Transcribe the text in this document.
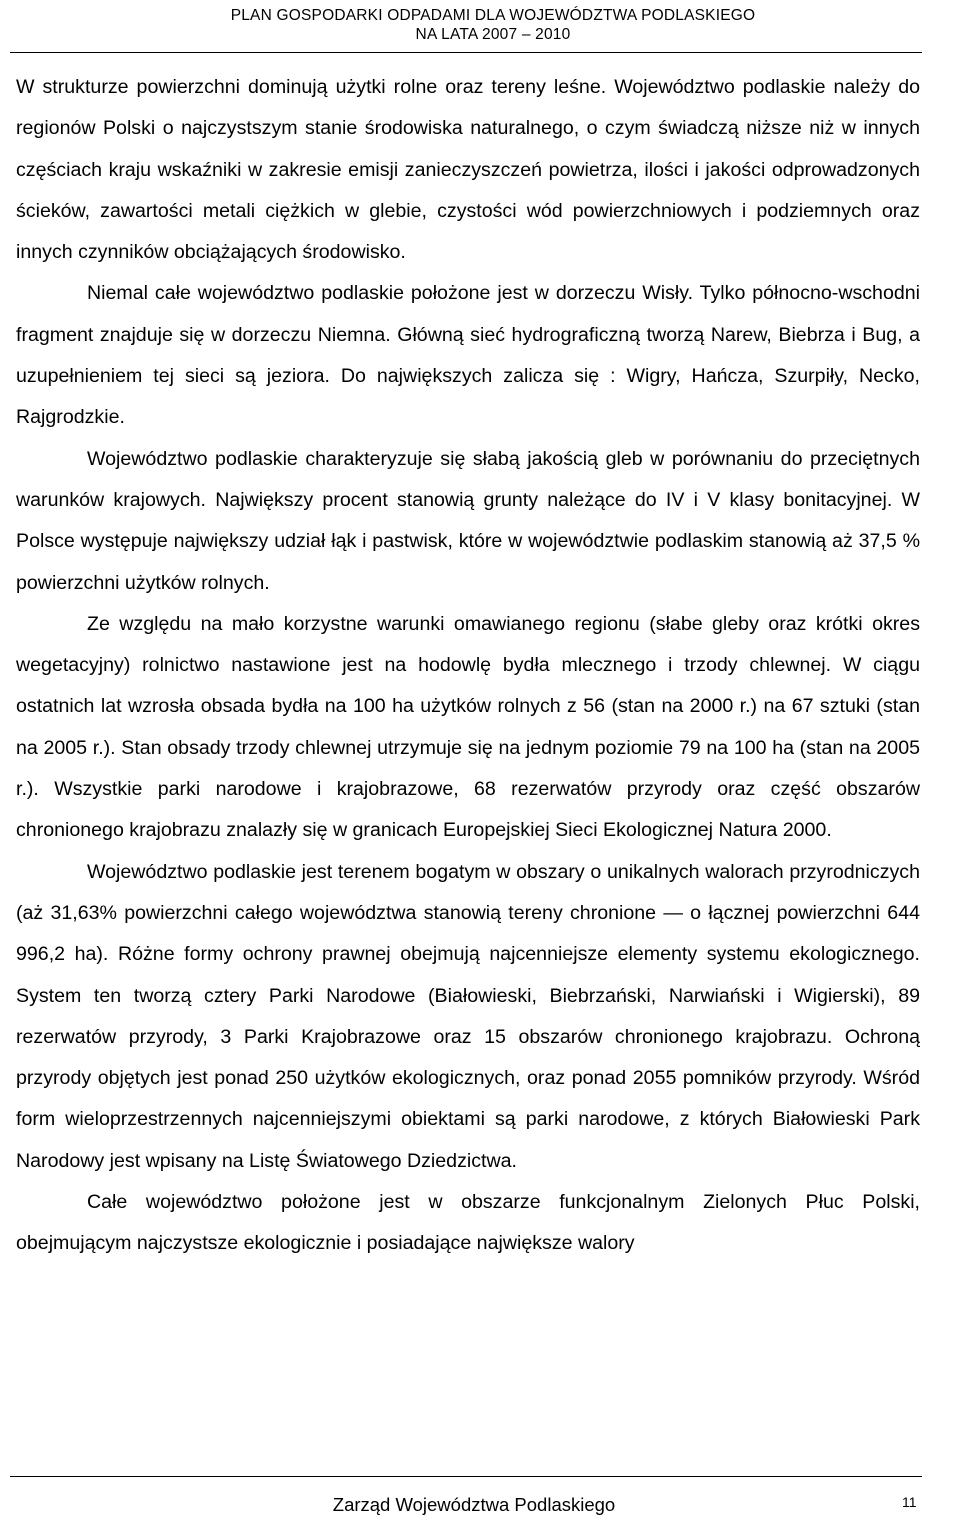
PLAN GOSPODARKI ODPADAMI DLA WOJEWÓDZTWA PODLASKIEGO
NA LATA 2007 – 2010

W strukturze powierzchni dominują użytki rolne oraz tereny leśne. Województwo podlaskie należy do regionów Polski o najczystszym stanie środowiska naturalnego, o czym świadczą niższe niż w innych częściach kraju wskaźniki w zakresie emisji zanieczyszczeń powietrza, ilości i jakości odprowadzonych ścieków, zawartości metali ciężkich w glebie, czystości wód powierzchniowych i podziemnych oraz innych czynników obciążających środowisko.

Niemal całe województwo podlaskie położone jest w dorzeczu Wisły. Tylko północno-wschodni fragment znajduje się w dorzeczu Niemna. Główną sieć hydrograficzną tworzą Narew, Biebrza i Bug, a uzupełnieniem tej sieci są jeziora. Do największych zalicza się : Wigry, Hańcza, Szurpiły, Necko, Rajgrodzkie.

Województwo podlaskie charakteryzuje się słabą jakością gleb w porównaniu do przeciętnych warunków krajowych. Największy procent stanowią grunty należące do IV i V klasy bonitacyjnej. W Polsce występuje największy udział łąk i pastwisk, które w województwie podlaskim stanowią aż 37,5 % powierzchni użytków rolnych.

Ze względu na mało korzystne warunki omawianego regionu (słabe gleby oraz krótki okres wegetacyjny) rolnictwo nastawione jest na hodowlę bydła mlecznego i trzody chlewnej. W ciągu ostatnich lat wzrosła obsada bydła na 100 ha użytków rolnych z 56 (stan na 2000 r.) na 67 sztuki (stan na 2005 r.). Stan obsady trzody chlewnej utrzymuje się na jednym poziomie 79 na 100 ha (stan na 2005 r.). Wszystkie parki narodowe i krajobrazowe, 68 rezerwatów przyrody oraz część obszarów chronionego krajobrazu znalazły się w granicach Europejskiej Sieci Ekologicznej Natura 2000.

Województwo podlaskie jest terenem bogatym w obszary o unikalnych walorach przyrodniczych (aż 31,63% powierzchni całego województwa stanowią tereny chronione — o łącznej powierzchni 644 996,2 ha). Różne formy ochrony prawnej obejmują najcenniejsze elementy systemu ekologicznego. System ten tworzą cztery Parki Narodowe (Białowieski, Biebrzański, Narwiański i Wigierski), 89 rezerwatów przyrody, 3 Parki Krajobrazowe oraz 15 obszarów chronionego krajobrazu. Ochroną przyrody objętych jest ponad 250 użytków ekologicznych, oraz ponad 2055 pomników przyrody. Wśród form wieloprzestrzennych najcenniejszymi obiektami są parki narodowe, z których Białowieski Park Narodowy jest wpisany na Listę Światowego Dziedzictwa.

Całe województwo położone jest w obszarze funkcjonalnym Zielonych Płuc Polski, obejmującym najczystsze ekologicznie i posiadające największe walory

Zarząd Województwa Podlaskiego	11
